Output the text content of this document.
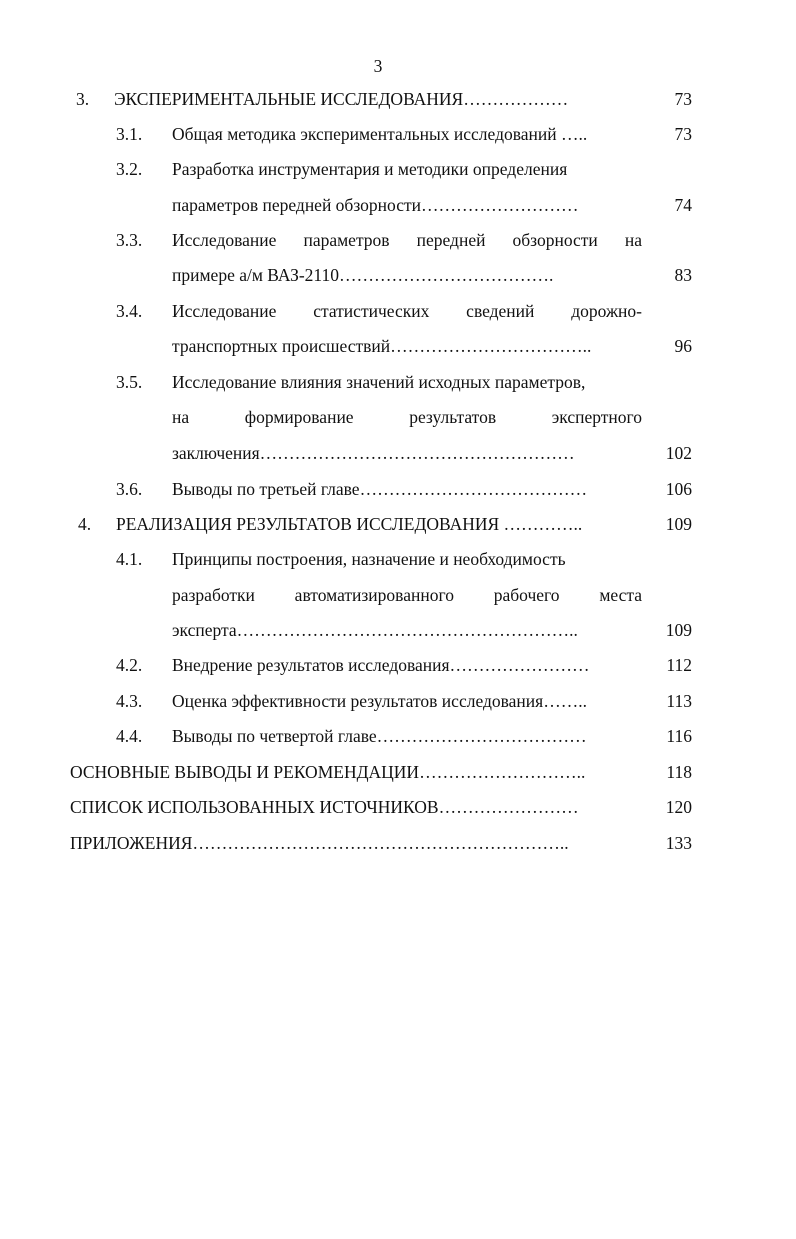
3
3. ЭКСПЕРИМЕНТАЛЬНЫЕ ИССЛЕДОВАНИЯ………………	73
3.1. Общая методика экспериментальных исследований …..	73
3.2. Разработка инструментария и методики определения
параметров передней обзорности………………………	74
3.3. Исследование параметров передней обзорности на
примере а/м ВАЗ-2110……………………………….	83
3.4. Исследование статистических сведений дорожно-
транспортных происшествий……………………………..	96
3.5. Исследование влияния значений исходных параметров,
на формирование результатов экспертного
заключения………………………………………………	102
3.6. Выводы по третьей главе…………………………………	106
4. РЕАЛИЗАЦИЯ РЕЗУЛЬТАТОВ ИССЛЕДОВАНИЯ …………..	109
4.1. Принципы построения, назначение и необходимость
разработки автоматизированного рабочего места
эксперта…………………………………………………..	109
4.2. Внедрение результатов исследования……………………	112
4.3. Оценка эффективности результатов исследования……..	113
4.4. Выводы по четвертой главе………………………………	116
ОСНОВНЫЕ ВЫВОДЫ И РЕКОМЕНДАЦИИ………………………..	118
СПИСОК ИСПОЛЬЗОВАННЫХ ИСТОЧНИКОВ……………………	120
ПРИЛОЖЕНИЯ………………………………………………………..	133
